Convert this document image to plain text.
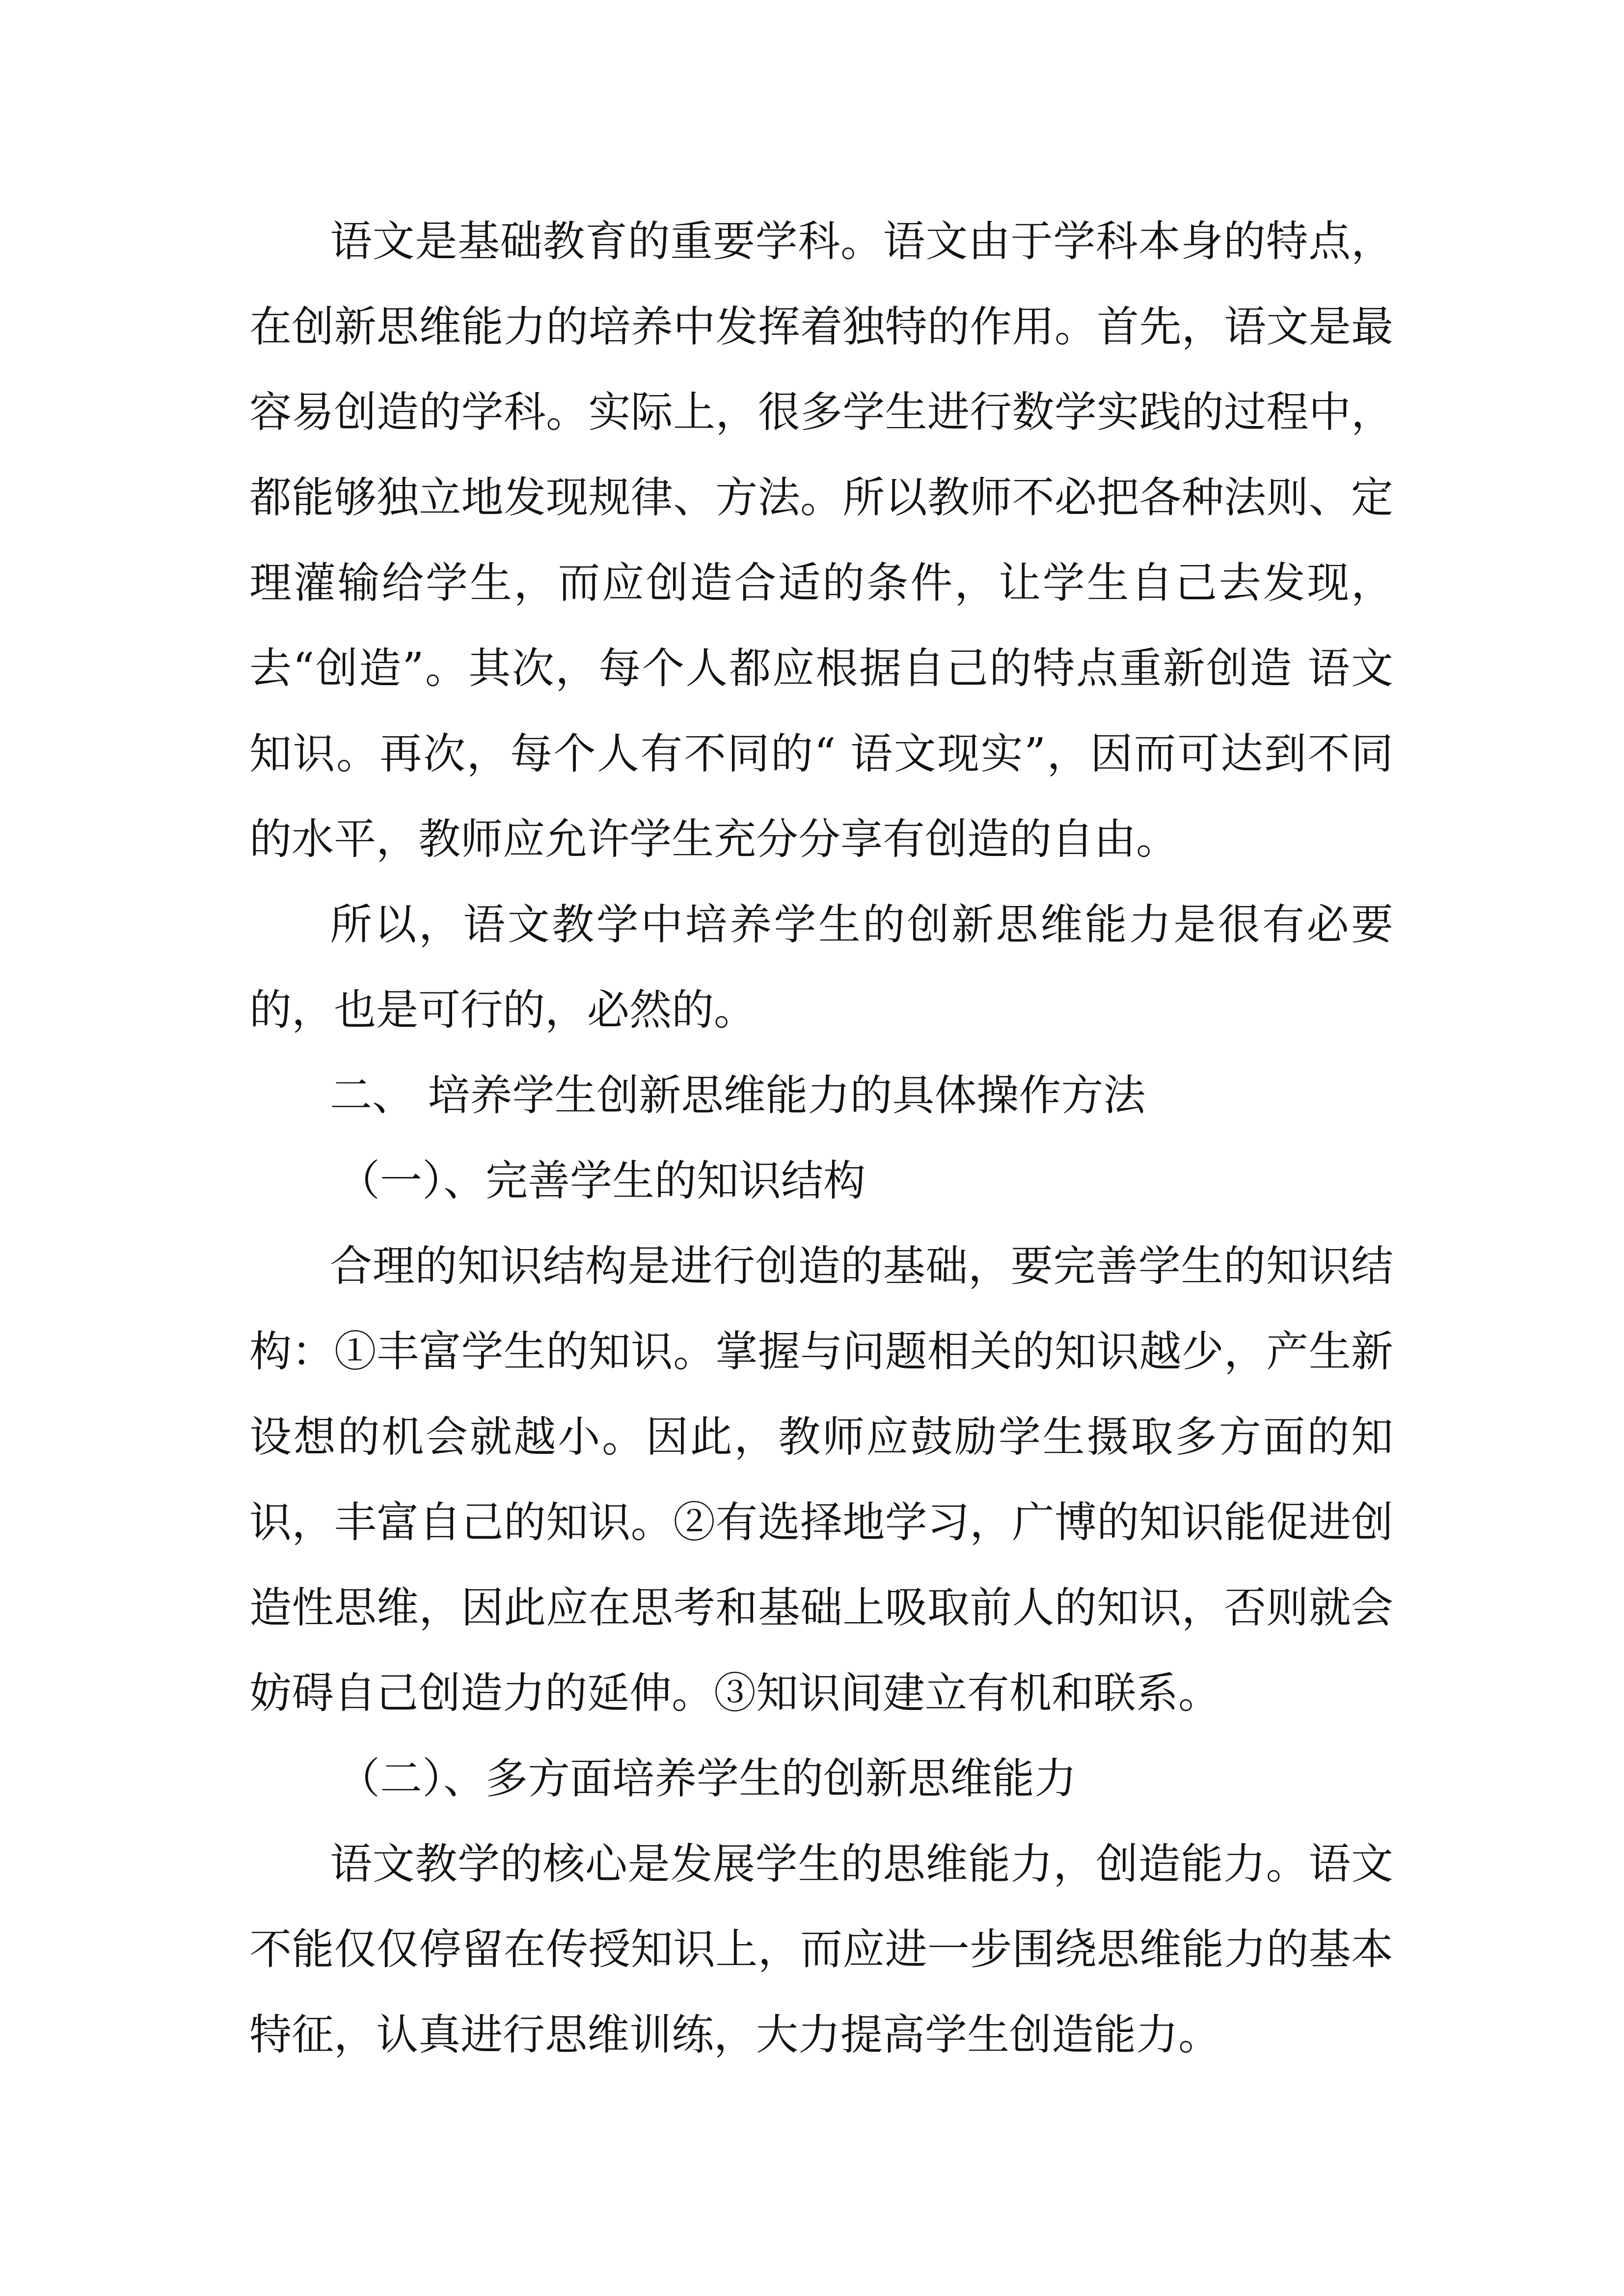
语文是基础教育的重要学科。语文由于学科本身的特点，在创新思维能力的培养中发挥着独特的作用。首先，语文是最容易创造的学科。实际上，很多学生进行数学实践的过程中，都能够独立地发现规律、方法。所以教师不必把各种法则、定理灌输给学生，而应创造合适的条件，让学生自己去发现，去“创造”。其次，每个人都应根据自己的特点重新创造 语文知识。再次，每个人有不同的“ 语文现实”，因而可达到不同的水平，教师应允许学生充分分享有创造的自由。

所以，语文教学中培养学生的创新思维能力是很有必要的，也是可行的，必然的。

二、 培养学生创新思维能力的具体操作方法

（一）、完善学生的知识结构

合理的知识结构是进行创造的基础，要完善学生的知识结构：①丰富学生的知识。掌握与问题相关的知识越少，产生新设想的机会就越小。因此，教师应鼓励学生摄取多方面的知识，丰富自己的知识。②有选择地学习，广博的知识能促进创造性思维，因此应在思考和基础上吸取前人的知识，否则就会妨碍自己创造力的延伸。③知识间建立有机和联系。

（二）、多方面培养学生的创新思维能力

语文教学的核心是发展学生的思维能力，创造能力。语文不能仅仅停留在传授知识上，而应进一步围绕思维能力的基本特征，认真进行思维训练，大力提高学生创造能力。
